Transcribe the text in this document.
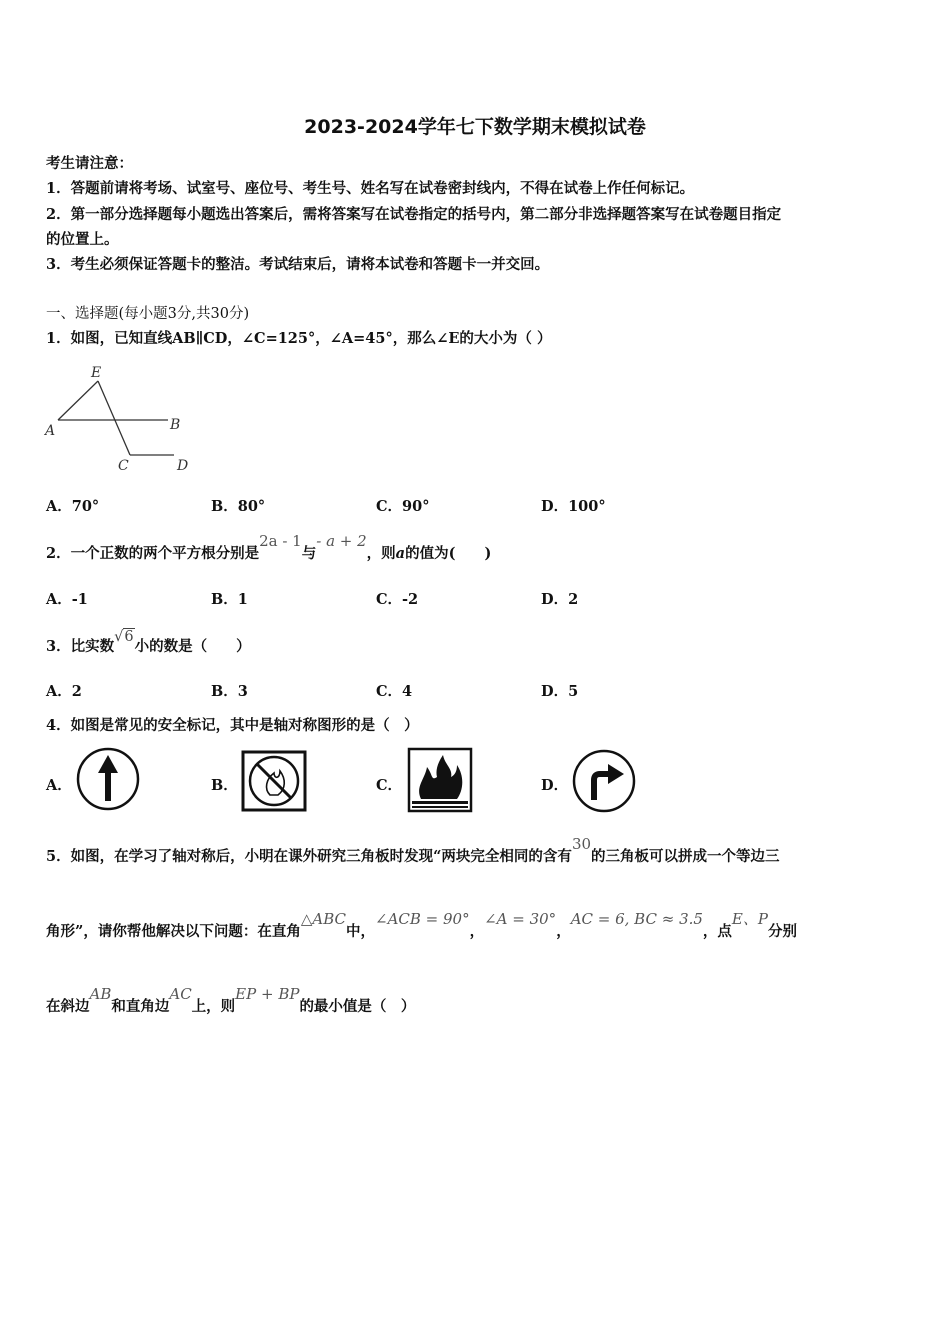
2023-2024学年七下数学期末模拟试卷
考生请注意：
1．答题前请将考场、试室号、座位号、考生号、姓名写在试卷密封线内，不得在试卷上作任何标记。
2．第一部分选择题每小题选出答案后，需将答案写在试卷指定的括号内，第二部分非选择题答案写在试卷题目指定
的位置上。
3．考生必须保证答题卡的整洁。考试结束后，请将本试卷和答题卡一并交回。
一、选择题(每小题3分,共30分)
1．如图，已知直线AB∥CD，∠C=125°，∠A=45°，那么∠E的大小为（ ）
E
A	B
C	D
A．70°	B．80°	C．90°	D．100°
2．一个正数的两个平方根分别是2a - 1与- a + 2，则a的值为(　　)
A．-1	B．1	C．-2	D．2
3．比实数√6小的数是（　　）
A．2	B．3	C．4	D．5
4．如图是常见的安全标记，其中是轴对称图形的是（　）
A．	B．	C．	D．
5．如图，在学习了轴对称后，小明在课外研究三角板时发现“两块完全相同的含有30的三角板可以拼成一个等边三
角形”，请你帮他解决以下问题：在直角△ABC中，∠ACB = 90°，∠A = 30°，AC = 6, BC ≈ 3.5，点E、P分别
在斜边AB和直角边AC上，则EP + BP的最小值是（　）
